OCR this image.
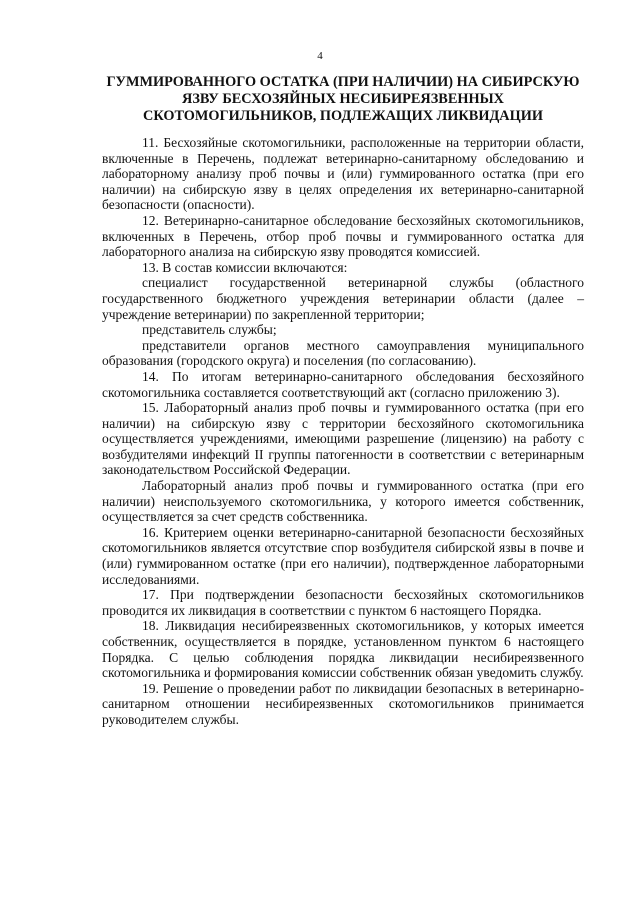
4
ГУММИРОВАННОГО ОСТАТКА (ПРИ НАЛИЧИИ) НА СИБИРСКУЮ
ЯЗВУ БЕСХОЗЯЙНЫХ НЕСИБИРЕЯЗВЕННЫХ
СКОТОМОГИЛЬНИКОВ, ПОДЛЕЖАЩИХ ЛИКВИДАЦИИ

11. Бесхозяйные скотомогильники, расположенные на территории области, включенные в Перечень, подлежат ветеринарно-санитарному обследованию и лабораторному анализу проб почвы и (или) гуммированного остатка (при его наличии) на сибирскую язву в целях определения их ветеринарно-санитарной безопасности (опасности).

12. Ветеринарно-санитарное обследование бесхозяйных скотомогильников, включенных в Перечень, отбор проб почвы и гуммированного остатка для лабораторного анализа на сибирскую язву проводятся комиссией.

13. В состав комиссии включаются:

специалист государственной ветеринарной службы (областного государственного бюджетного учреждения ветеринарии области (далее – учреждение ветеринарии) по закрепленной территории;

представитель службы;

представители органов местного самоуправления муниципального образования (городского округа) и поселения (по согласованию).

14. По итогам ветеринарно-санитарного обследования бесхозяйного скотомогильника составляется соответствующий акт (согласно приложению 3).

15. Лабораторный анализ проб почвы и гуммированного остатка (при его наличии) на сибирскую язву с территории бесхозяйного скотомогильника осуществляется учреждениями, имеющими разрешение (лицензию) на работу с возбудителями инфекций II группы патогенности в соответствии с ветеринарным законодательством Российской Федерации.

Лабораторный анализ проб почвы и гуммированного остатка (при его наличии) неиспользуемого скотомогильника, у которого имеется собственник, осуществляется за счет средств собственника.

16. Критерием оценки ветеринарно-санитарной безопасности бесхозяйных скотомогильников является отсутствие спор возбудителя сибирской язвы в почве и (или) гуммированном остатке (при его наличии), подтвержденное лабораторными исследованиями.

17. При подтверждении безопасности бесхозяйных скотомогильников проводится их ликвидация в соответствии с пунктом 6 настоящего Порядка.

18. Ликвидация несибиреязвенных скотомогильников, у которых имеется собственник, осуществляется в порядке, установленном пунктом 6 настоящего Порядка. С целью соблюдения порядка ликвидации несибиреязвенного скотомогильника и формирования комиссии собственник обязан уведомить службу.

19. Решение о проведении работ по ликвидации безопасных в ветеринарно-санитарном отношении несибиреязвенных скотомогильников принимается руководителем службы.
